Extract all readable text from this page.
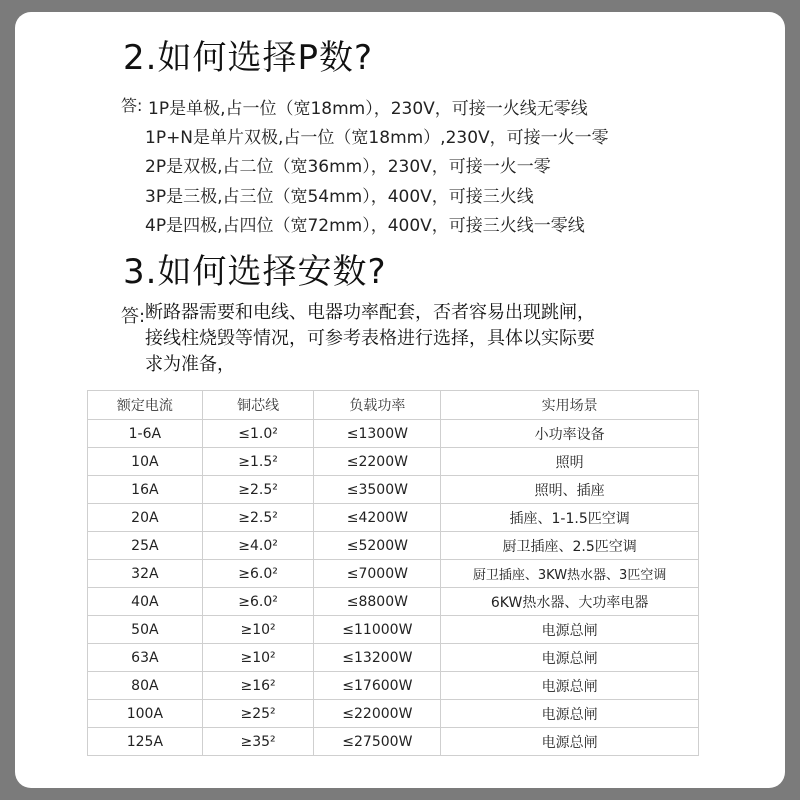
2.如何选择P数?
答: 1P是单极,占一位（宽18mm），230V，可接一火线无零线
1P+N是单片双极,占一位（宽18mm）,230V，可接一火一零
2P是双极,占二位（宽36mm），230V，可接一火一零
3P是三极,占三位（宽54mm），400V，可接三火线
4P是四极,占四位（宽72mm），400V，可接三火线一零线
3.如何选择安数?
答: 断路器需要和电线、电器功率配套，否者容易出现跳闸，
接线柱烧毁等情况，可参考表格进行选择，具体以实际要
求为准备，
额定电流	铜芯线	负载功率	实用场景
1-6A	≤1.0²	≤1300W	小功率设备
10A	≥1.5²	≤2200W	照明
16A	≥2.5²	≤3500W	照明、插座
20A	≥2.5²	≤4200W	插座、1-1.5匹空调
25A	≥4.0²	≤5200W	厨卫插座、2.5匹空调
32A	≥6.0²	≤7000W	厨卫插座、3KW热水器、3匹空调
40A	≥6.0²	≤8800W	6KW热水器、大功率电器
50A	≥10²	≤11000W	电源总闸
63A	≥10²	≤13200W	电源总闸
80A	≥16²	≤17600W	电源总闸
100A	≥25²	≤22000W	电源总闸
125A	≥35²	≤27500W	电源总闸
